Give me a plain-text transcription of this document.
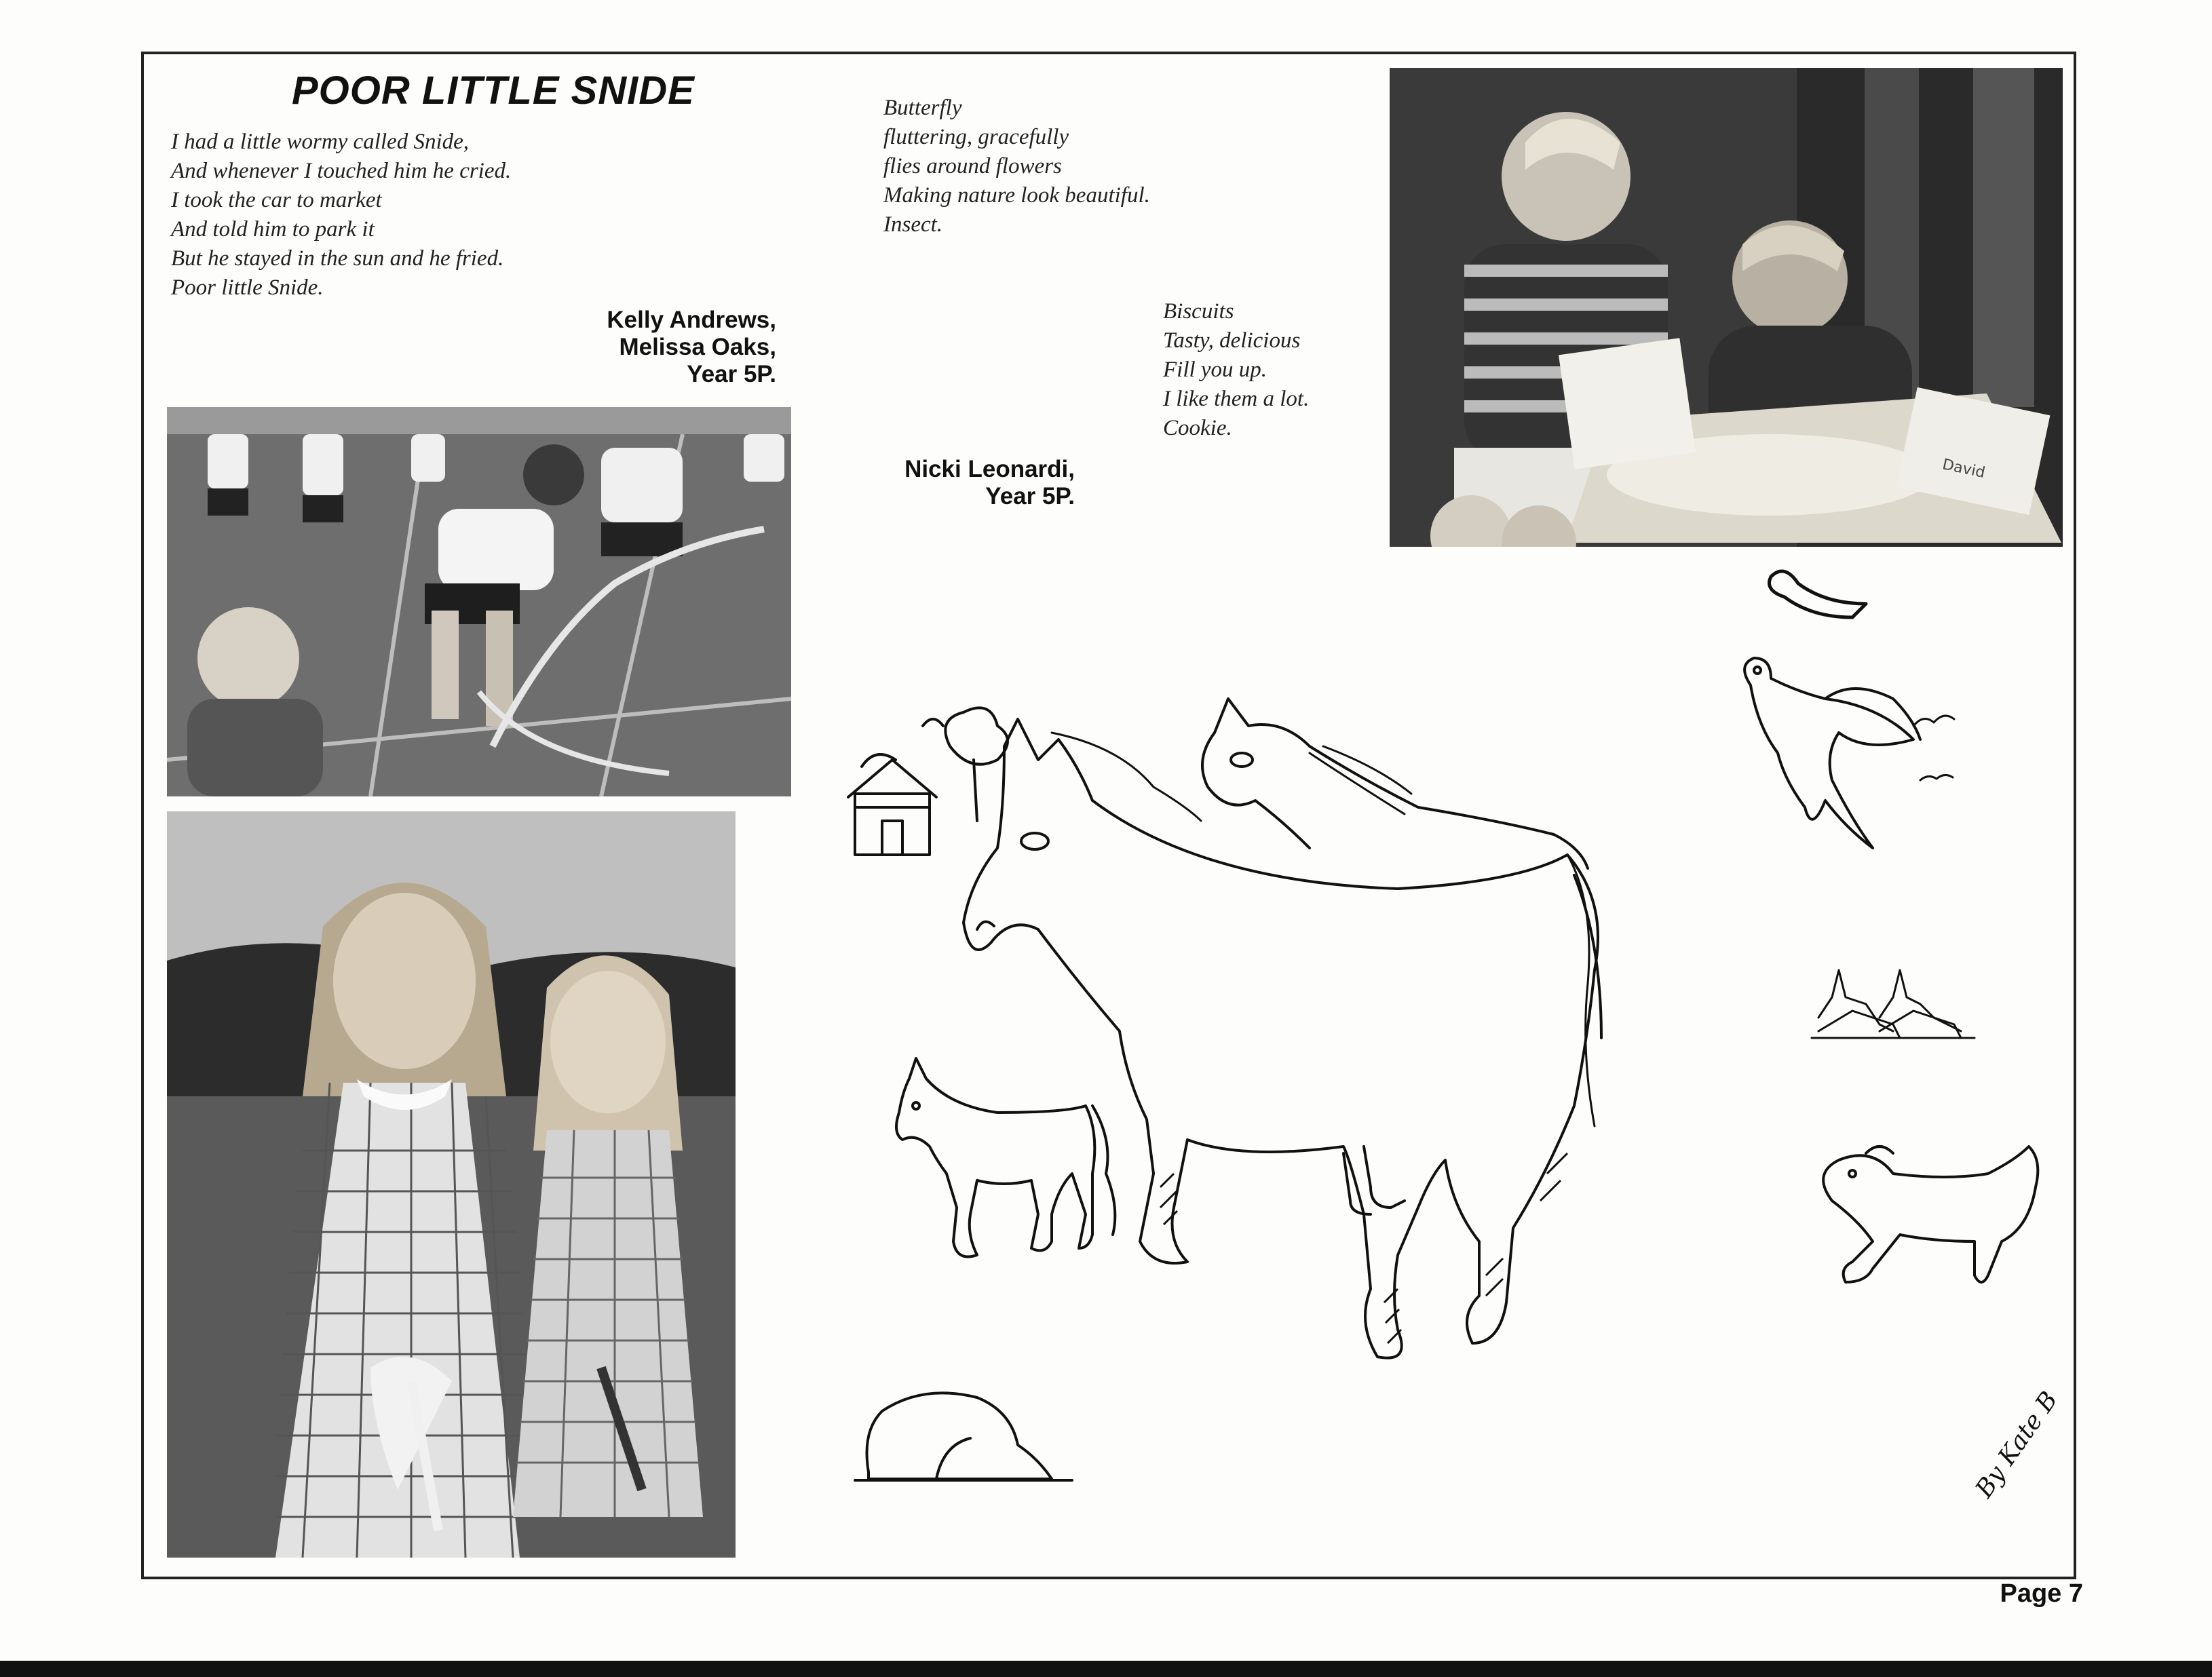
POOR LITTLE SNIDE
I had a little wormy called Snide,
And whenever I touched him he cried.
I took the car to market
And told him to park it
But he stayed in the sun and he fried.
Poor little Snide.
Kelly Andrews,
Melissa Oaks,
Year 5P.
Butterfly
fluttering, gracefully
flies around flowers
Making nature look beautiful.
Insect.
Biscuits
Tasty, delicious
Fill you up.
I like them a lot.
Cookie.
Nicki Leonardi,
Year 5P.
David
By Kate B
Page 7
